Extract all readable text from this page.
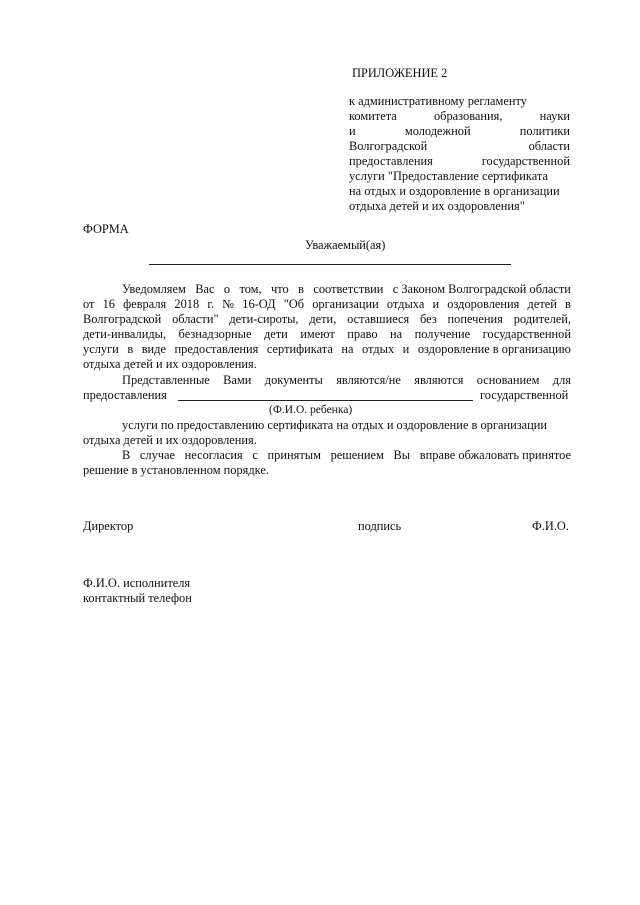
ПРИЛОЖЕНИЕ 2
к административному регламенту
комитета	образования,	науки
и	молодежной	политики
Волгоградской	области
предоставления	государственной
услуги "Предоставление сертификата
на отдых и оздоровление в организации
отдыха детей и их оздоровления"
ФОРМА
Уважаемый(ая)
Уведомляем Вас о том, что в соответствии с Законом Волгоградской области
от 16 февраля 2018 г. № 16-ОД "Об организации отдыха и оздоровления детей в
Волгоградской области" дети-сироты, дети, оставшиеся без попечения родителей,
дети-инвалиды, безнадзорные дети имеют право на получение государственной
услуги в виде предоставления сертификата на отдых и оздоровление в организацию
отдыха детей и их оздоровления.
Представленные Вами документы являются/не являются основанием для
предоставления	государственной
(Ф.И.О. ребенка)
услуги по предоставлению сертификата на отдых и оздоровление в организации
отдыха детей и их оздоровления.
В случае несогласия с принятым решением Вы вправе обжаловать принятое
решение в установленном порядке.
Директор	подпись	Ф.И.О.
Ф.И.О. исполнителя
контактный телефон
